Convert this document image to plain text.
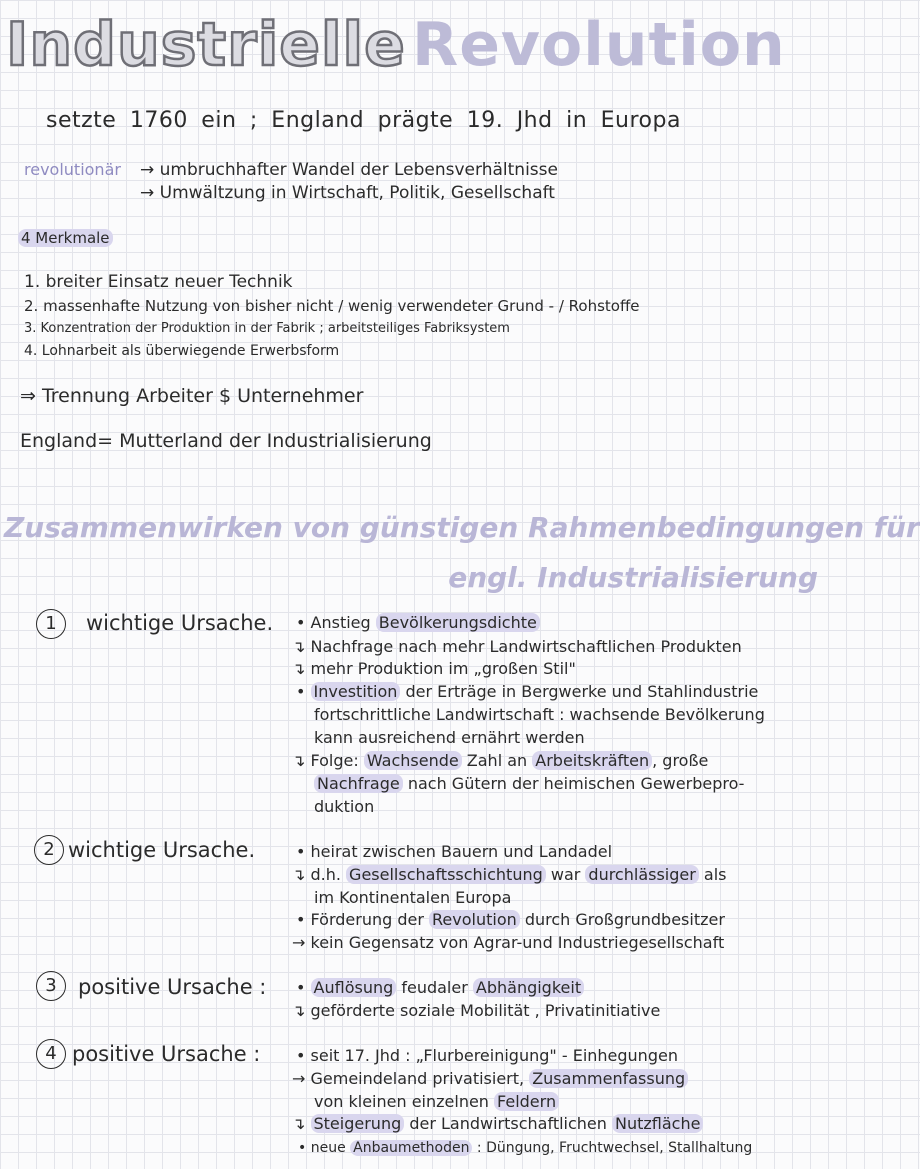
Industrielle Revolution
setzte 1760 ein ; England prägte 19. Jhd in Europa
revolutionär → umbruchhafter Wandel der Lebensverhältnisse
→ Umwältzung in Wirtschaft, Politik, Gesellschaft
4 Merkmale
1. breiter Einsatz neuer Technik
2. massenhafte Nutzung von bisher nicht / wenig verwendeter Grund - / Rohstoffe
3. Konzentration der Produktion in der Fabrik ; arbeitsteiliges Fabriksystem
4. Lohnarbeit als überwiegende Erwerbsform
⇒ Trennung Arbeiter $ Unternehmer
England= Mutterland der Industrialisierung
Zusammenwirken von günstigen Rahmenbedingungen für
engl. Industrialisierung
1	wichtige Ursache. • Anstieg Bevölkerungsdichte
↴ Nachfrage nach mehr Landwirtschaftlichen Produkten
↴ mehr Produktion im „großen Stil"
• Investition der Erträge in Bergwerke und Stahlindustrie
fortschrittliche Landwirtschaft : wachsende Bevölkerung
kann ausreichend ernährt werden
↴ Folge: Wachsende Zahl an Arbeitskräften , große
Nachfrage nach Gütern der heimischen Gewerbepro-
duktion
2 wichtige Ursache.	• heirat zwischen Bauern und Landadel
↴ d.h. Gesellschaftsschichtung war durchlässiger als
im Kontinentalen Europa
• Förderung der Revolution durch Großgrundbesitzer
→ kein Gegensatz von Agrar-und Industriegesellschaft
3	positive Ursache : • Auflösung feudaler Abhängigkeit
↴ geförderte soziale Mobilität , Privatinitiative
4 positive Ursache : • seit 17. Jhd : „Flurbereinigung" - Einhegungen
→ Gemeindeland privatisiert, Zusammenfassung
von kleinen einzelnen Feldern
↴ Steigerung der Landwirtschaftlichen Nutzfläche
• neue Anbaumethoden : Düngung, Fruchtwechsel, Stallhaltung
